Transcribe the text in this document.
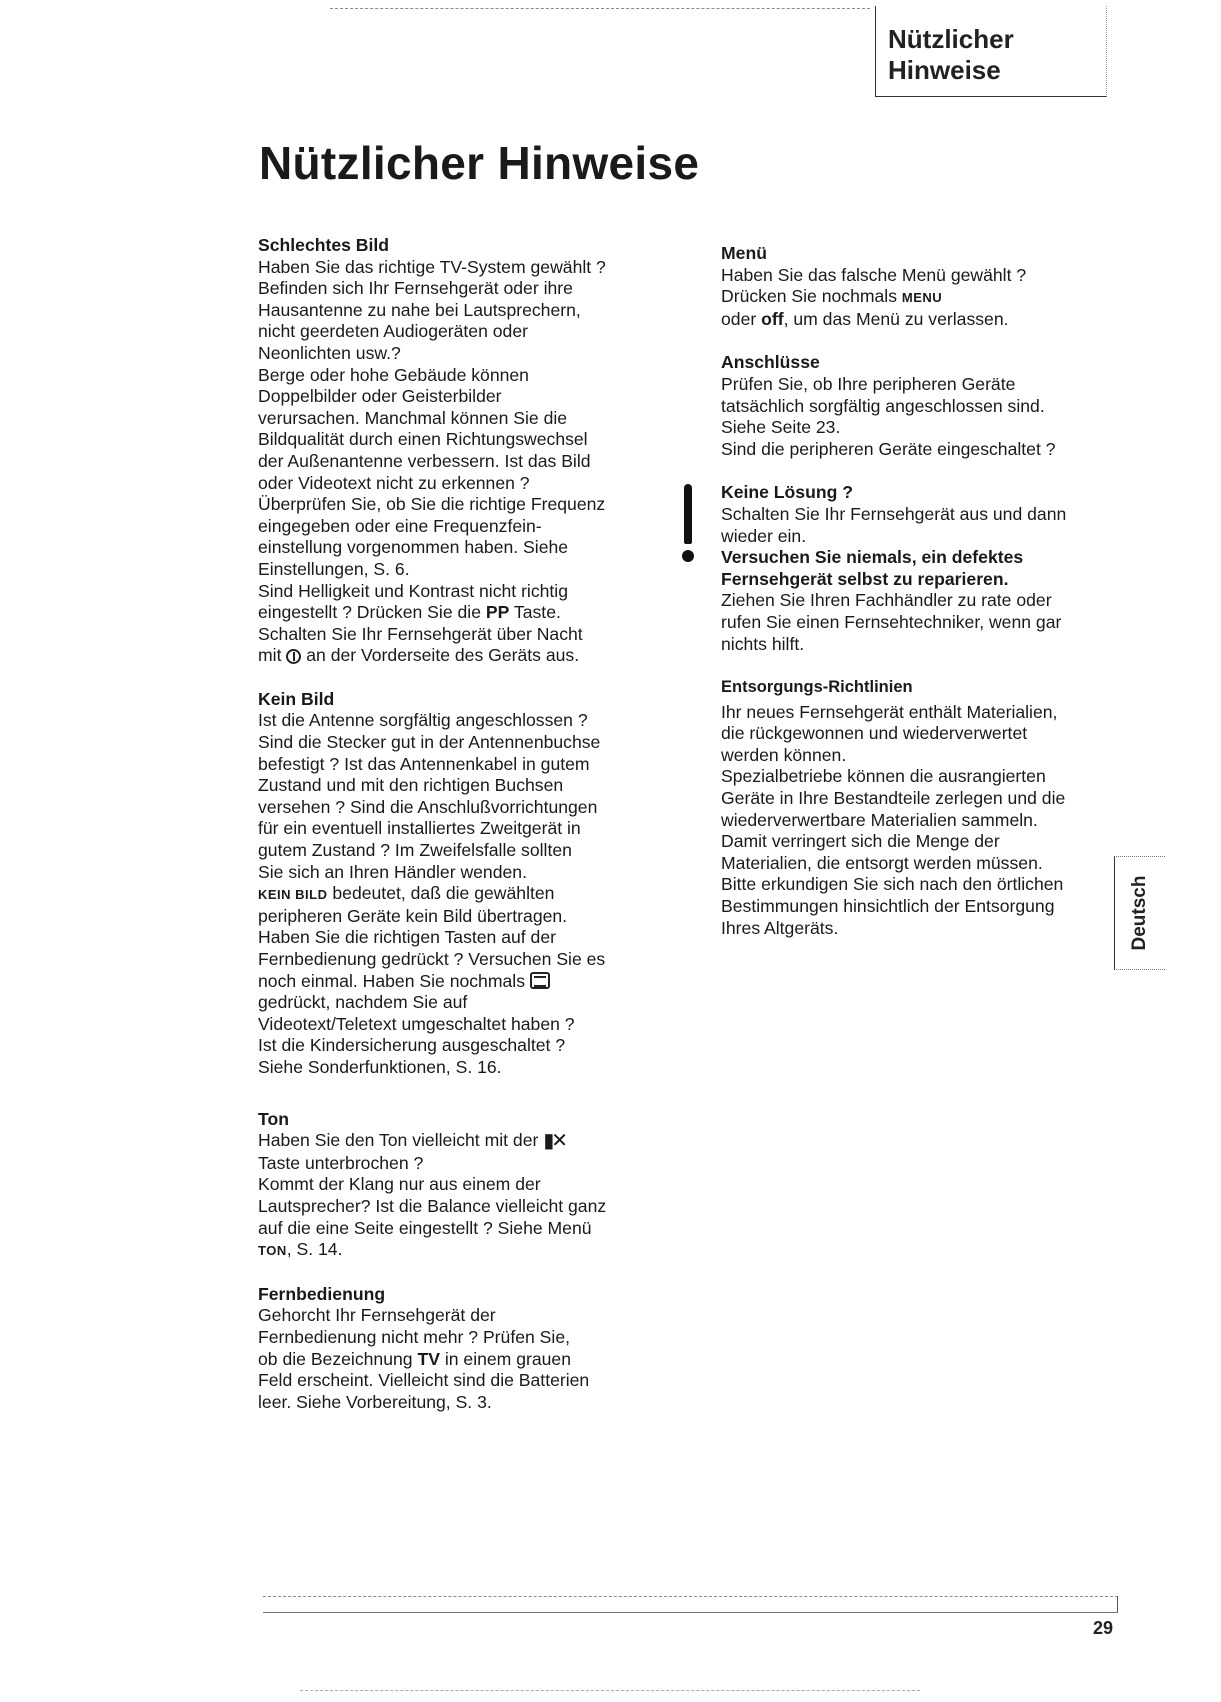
Nützlicher
Hinweise
Nützlicher Hinweise
Schlechtes Bild

Haben Sie das richtige TV-System gewählt ?
Befinden sich Ihr Fernsehgerät oder ihre
Hausantenne zu nahe bei Lautsprechern,
nicht geerdeten Audiogeräten oder
Neonlichten usw.?
Berge oder hohe Gebäude können
Doppelbilder oder Geisterbilder
verursachen. Manchmal können Sie die
Bildqualität durch einen Richtungswechsel
der Außenantenne verbessern. Ist das Bild
oder Videotext nicht zu erkennen ?
Überprüfen Sie, ob Sie die richtige Frequenz
eingegeben oder eine Frequenzfein-
einstellung vorgenommen haben. Siehe
Einstellungen, S. 6.
Sind Helligkeit und Kontrast nicht richtig
eingestellt ? Drücken Sie die PP Taste.
Schalten Sie Ihr Fernsehgerät über Nacht
mit  an der Vorderseite des Geräts aus.

Kein Bild

Ist die Antenne sorgfältig angeschlossen ?
Sind die Stecker gut in der Antennenbuchse
befestigt ? Ist das Antennenkabel in gutem
Zustand und mit den richtigen Buchsen
versehen ? Sind die Anschlußvorrichtungen
für ein eventuell installiertes Zweitgerät in
gutem Zustand ? Im Zweifelsfalle sollten
Sie sich an Ihren Händler wenden.
KEIN BILD bedeutet, daß die gewählten
peripheren Geräte kein Bild übertragen.
Haben Sie die richtigen Tasten auf der
Fernbedienung gedrückt ? Versuchen Sie es
noch einmal. Haben Sie nochmals
gedrückt, nachdem Sie auf
Videotext/Teletext umgeschaltet haben ?
Ist die Kindersicherung ausgeschaltet ?
Siehe Sonderfunktionen, S. 16.

Ton

Haben Sie den Ton vielleicht mit der ▮✕
Taste unterbrochen ?
Kommt der Klang nur aus einem der
Lautsprecher? Ist die Balance vielleicht ganz
auf die eine Seite eingestellt ? Siehe Menü
TON, S. 14.

Fernbedienung

Gehorcht Ihr Fernsehgerät der
Fernbedienung nicht mehr ? Prüfen Sie,
ob die Bezeichnung TV in einem grauen
Feld erscheint. Vielleicht sind die Batterien
leer. Siehe Vorbereitung, S. 3.

Menü

Haben Sie das falsche Menü gewählt ?
Drücken Sie nochmals MENU
oder off, um das Menü zu verlassen.

Anschlüsse

Prüfen Sie, ob Ihre peripheren Geräte
tatsächlich sorgfältig angeschlossen sind.
Siehe Seite 23.
Sind die peripheren Geräte eingeschaltet ?

Keine Lösung ?

Schalten Sie Ihr Fernsehgerät aus und dann
wieder ein.

Versuchen Sie niemals, ein defektes
Fernsehgerät selbst zu reparieren.

Ziehen Sie Ihren Fachhändler zu rate oder
rufen Sie einen Fernsehtechniker, wenn gar
nichts hilft.

Entsorgungs-Richtlinien

Ihr neues Fernsehgerät enthält Materialien,
die rückgewonnen und wiederverwertet
werden können.
Spezialbetriebe können die ausrangierten
Geräte in Ihre Bestandteile zerlegen und die
wiederverwertbare Materialien sammeln.
Damit verringert sich die Menge der
Materialien, die entsorgt werden müssen.
Bitte erkundigen Sie sich nach den örtlichen
Bestimmungen hinsichtlich der Entsorgung
Ihres Altgeräts.	Deutsch
29
